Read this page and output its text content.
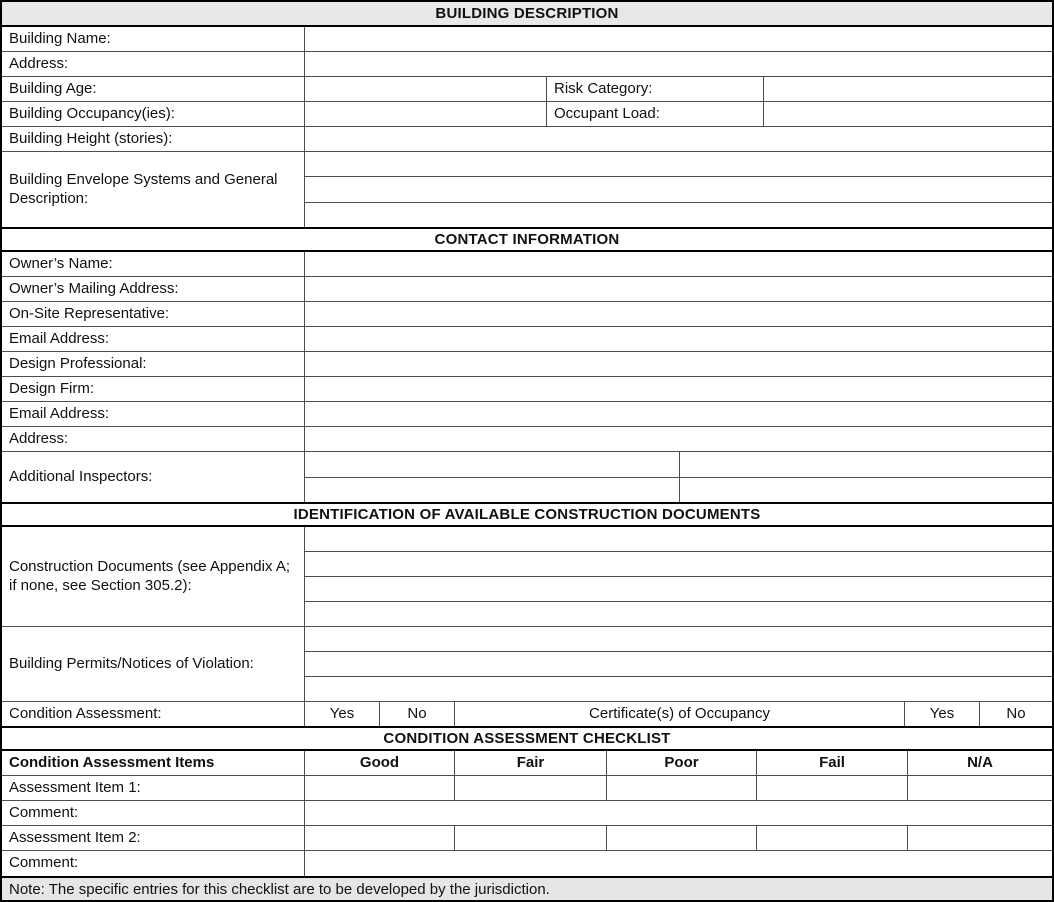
BUILDING DESCRIPTION
Building Name:
Address:
Building Age:	Risk Category:
Building Occupancy(ies):	Occupant Load:
Building Height (stories):
Building Envelope Systems and General Description:
CONTACT INFORMATION
Owner’s Name:
Owner’s Mailing Address:
On-Site Representative:
Email Address:
Design Professional:
Design Firm:
Email Address:
Address:
Additional Inspectors:
IDENTIFICATION OF AVAILABLE CONSTRUCTION DOCUMENTS
Construction Documents (see Appendix A; if none, see Section 305.2):
Building Permits/Notices of Violation:
Condition Assessment:	Yes	No	Certificate(s) of Occupancy	Yes	No
CONDITION ASSESSMENT CHECKLIST
Condition Assessment Items	Good	Fair	Poor	Fail	N/A
Assessment Item 1:
Comment:
Assessment Item 2:
Comment:
Note: The specific entries for this checklist are to be developed by the jurisdiction.
